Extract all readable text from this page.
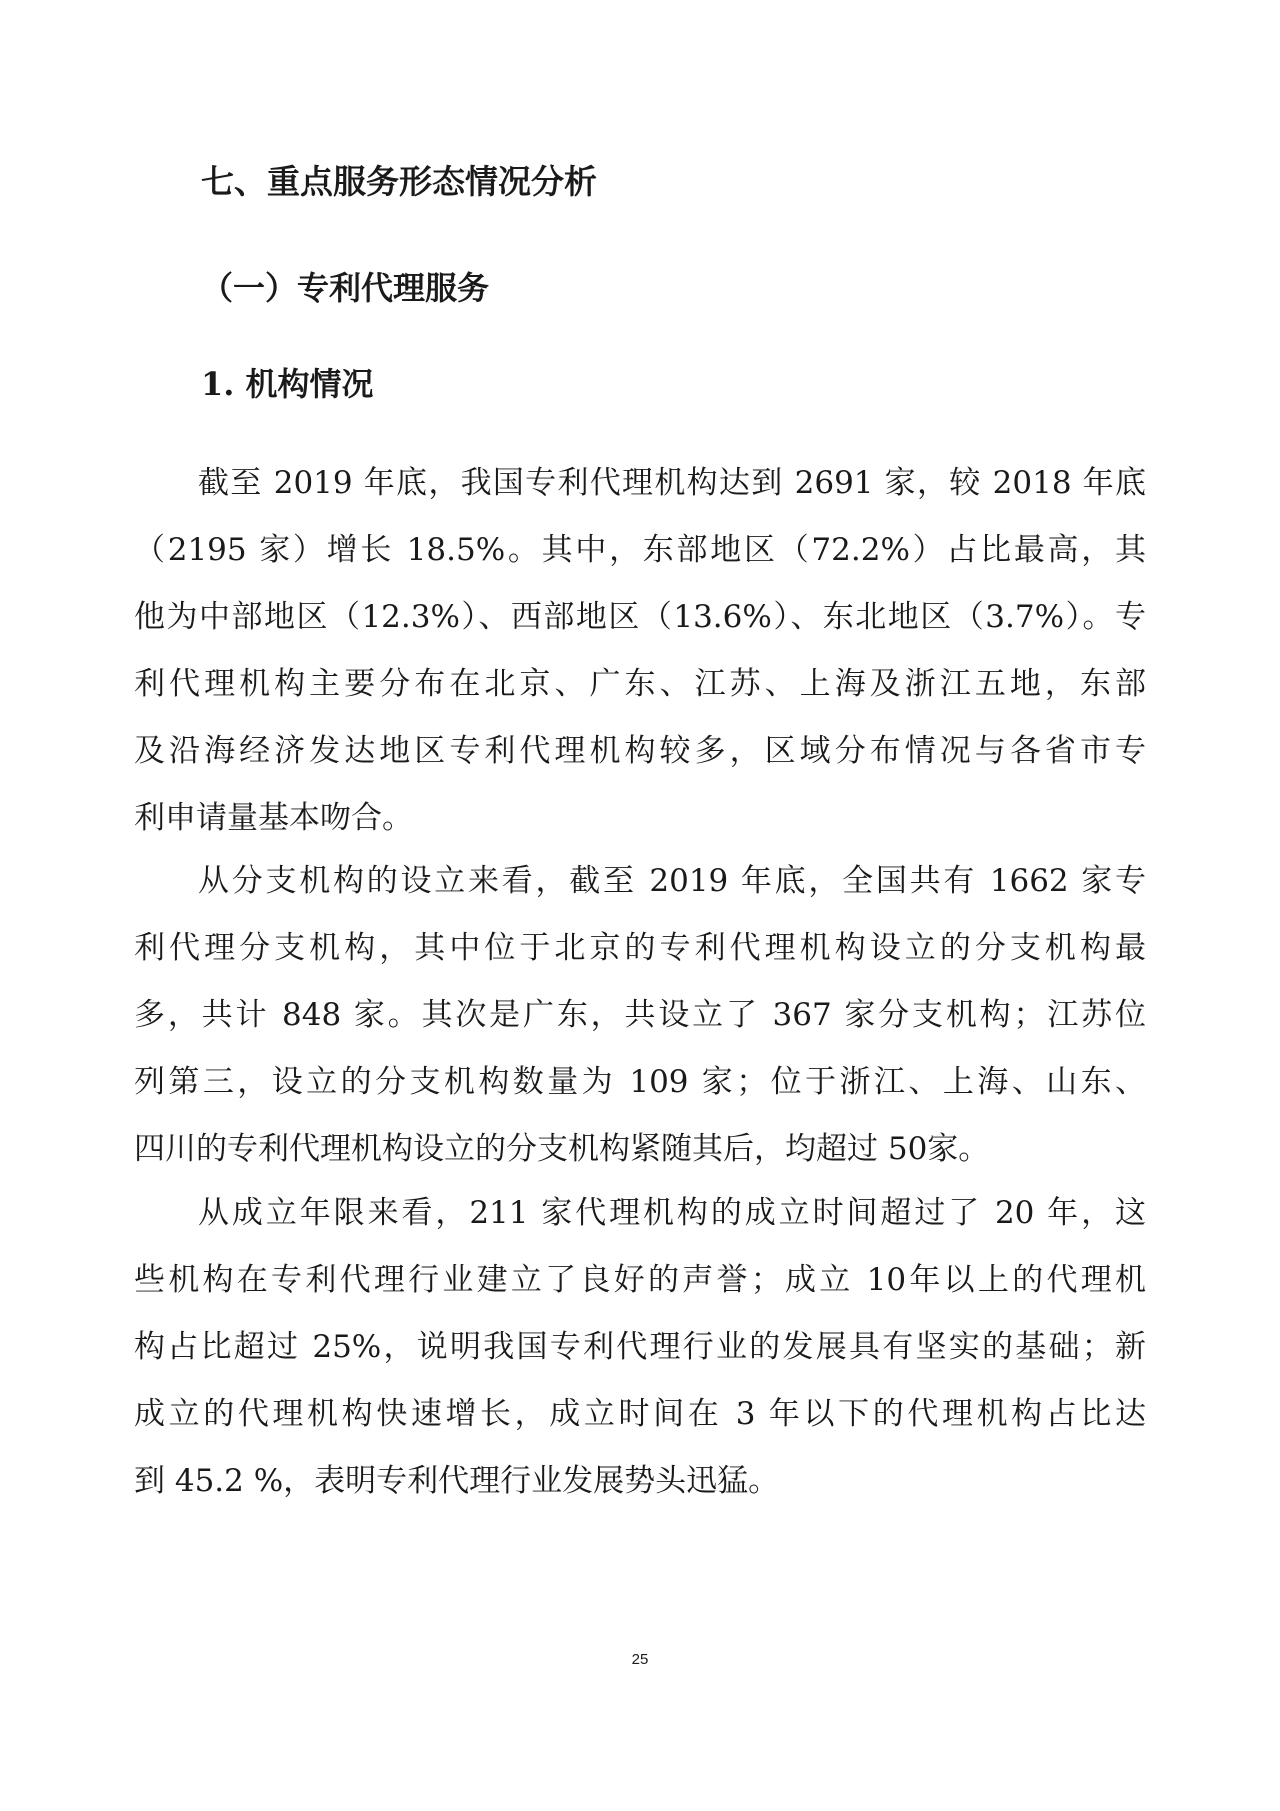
七、重点服务形态情况分析
（一）专利代理服务
1. 机构情况

截至 2019 年底，我国专利代理机构达到 2691 家，较 2018 年底
（2195 家）增长 18.5%。其中，东部地区（72.2%）占比最高，其
他为中部地区（12.3%）、西部地区（13.6%）、东北地区（3.7%）。专
利代理机构主要分布在北京、广东、江苏、上海及浙江五地，东部
及沿海经济发达地区专利代理机构较多，区域分布情况与各省市专
利申请量基本吻合。

从分支机构的设立来看，截至 2019 年底，全国共有 1662 家专
利代理分支机构，其中位于北京的专利代理机构设立的分支机构最
多，共计 848 家。其次是广东，共设立了 367 家分支机构；江苏位
列第三，设立的分支机构数量为 109 家；位于浙江、上海、山东、
四川的专利代理机构设立的分支机构紧随其后，均超过 50家。

从成立年限来看，211 家代理机构的成立时间超过了 20 年，这
些机构在专利代理行业建立了良好的声誉；成立 10年以上的代理机
构占比超过 25%，说明我国专利代理行业的发展具有坚实的基础；新
成立的代理机构快速增长，成立时间在 3 年以下的代理机构占比达
到 45.2 %，表明专利代理行业发展势头迅猛。

25
